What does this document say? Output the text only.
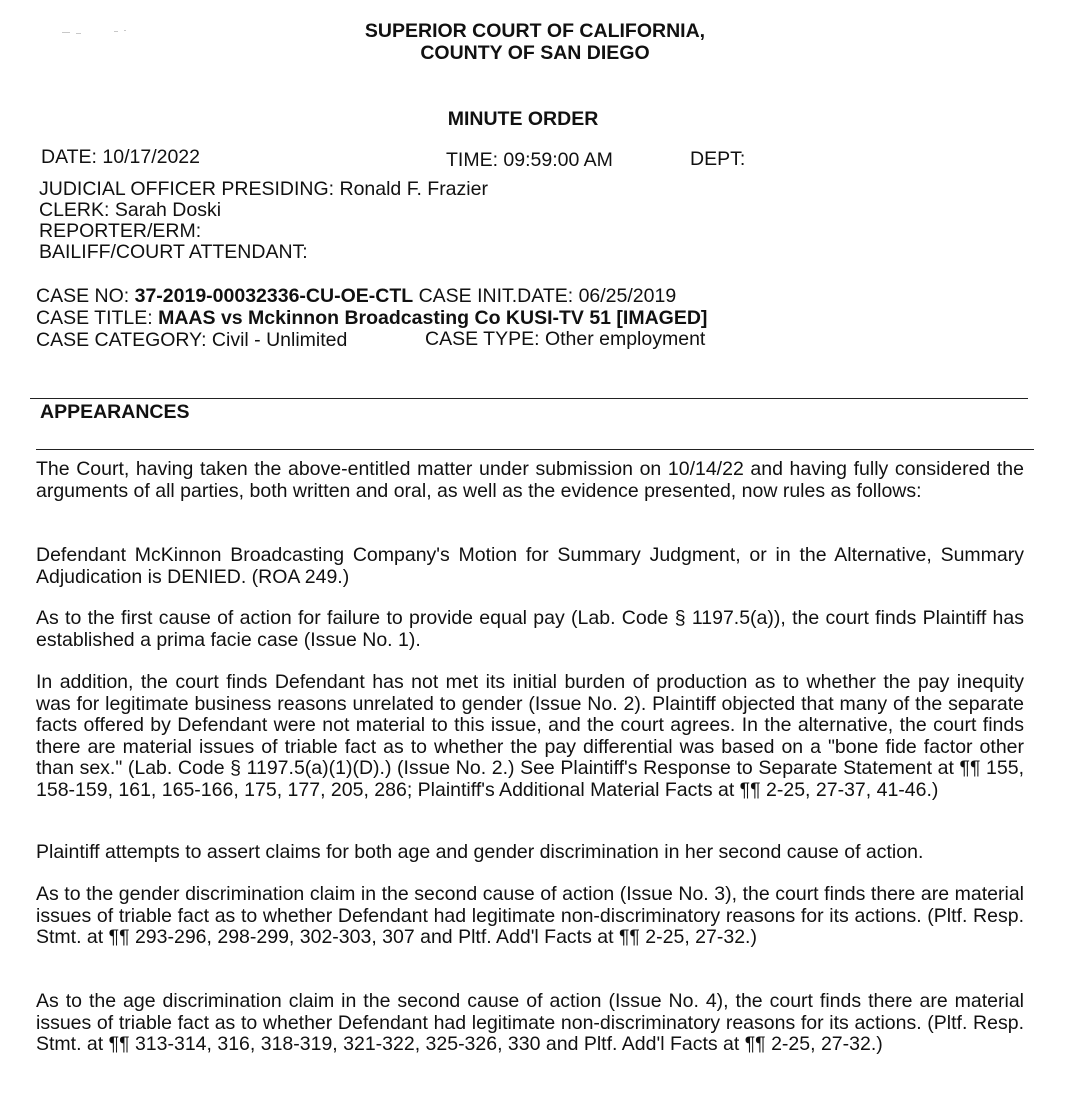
SUPERIOR COURT OF CALIFORNIA,
COUNTY OF SAN DIEGO
MINUTE ORDER
DATE: 10/17/2022	TIME: 09:59:00 AM	DEPT:
JUDICIAL OFFICER PRESIDING: Ronald F. Frazier
CLERK: Sarah Doski
REPORTER/ERM:
BAILIFF/COURT ATTENDANT:
CASE NO: 37-2019-00032336-CU-OE-CTL CASE INIT.DATE: 06/25/2019
CASE TITLE: MAAS vs Mckinnon Broadcasting Co KUSI-TV 51 [IMAGED]
CASE CATEGORY: Civil - Unlimited	CASE TYPE: Other employment
APPEARANCES

The Court, having taken the above-entitled matter under submission on 10/14/22 and having fully considered the arguments of all parties, both written and oral, as well as the evidence presented, now rules as follows:

Defendant McKinnon Broadcasting Company's Motion for Summary Judgment, or in the Alternative, Summary Adjudication is DENIED. (ROA 249.)

As to the first cause of action for failure to provide equal pay (Lab. Code § 1197.5(a)), the court finds Plaintiff has established a prima facie case (Issue No. 1).

In addition, the court finds Defendant has not met its initial burden of production as to whether the pay inequity was for legitimate business reasons unrelated to gender (Issue No. 2). Plaintiff objected that many of the separate facts offered by Defendant were not material to this issue, and the court agrees. In the alternative, the court finds there are material issues of triable fact as to whether the pay differential was based on a "bone fide factor other than sex." (Lab. Code § 1197.5(a)(1)(D).) (Issue No. 2.) See Plaintiff's Response to Separate Statement at ¶¶ 155, 158-159, 161, 165-166, 175, 177, 205, 286; Plaintiff's Additional Material Facts at ¶¶ 2-25, 27-37, 41-46.)

Plaintiff attempts to assert claims for both age and gender discrimination in her second cause of action.

As to the gender discrimination claim in the second cause of action (Issue No. 3), the court finds there are material issues of triable fact as to whether Defendant had legitimate non-discriminatory reasons for its actions. (Pltf. Resp. Stmt. at ¶¶ 293-296, 298-299, 302-303, 307 and Pltf. Add'l Facts at ¶¶ 2-25, 27-32.)

As to the age discrimination claim in the second cause of action (Issue No. 4), the court finds there are material issues of triable fact as to whether Defendant had legitimate non-discriminatory reasons for its actions. (Pltf. Resp. Stmt. at ¶¶ 313-314, 316, 318-319, 321-322, 325-326, 330 and Pltf. Add'l Facts at ¶¶ 2-25, 27-32.)
